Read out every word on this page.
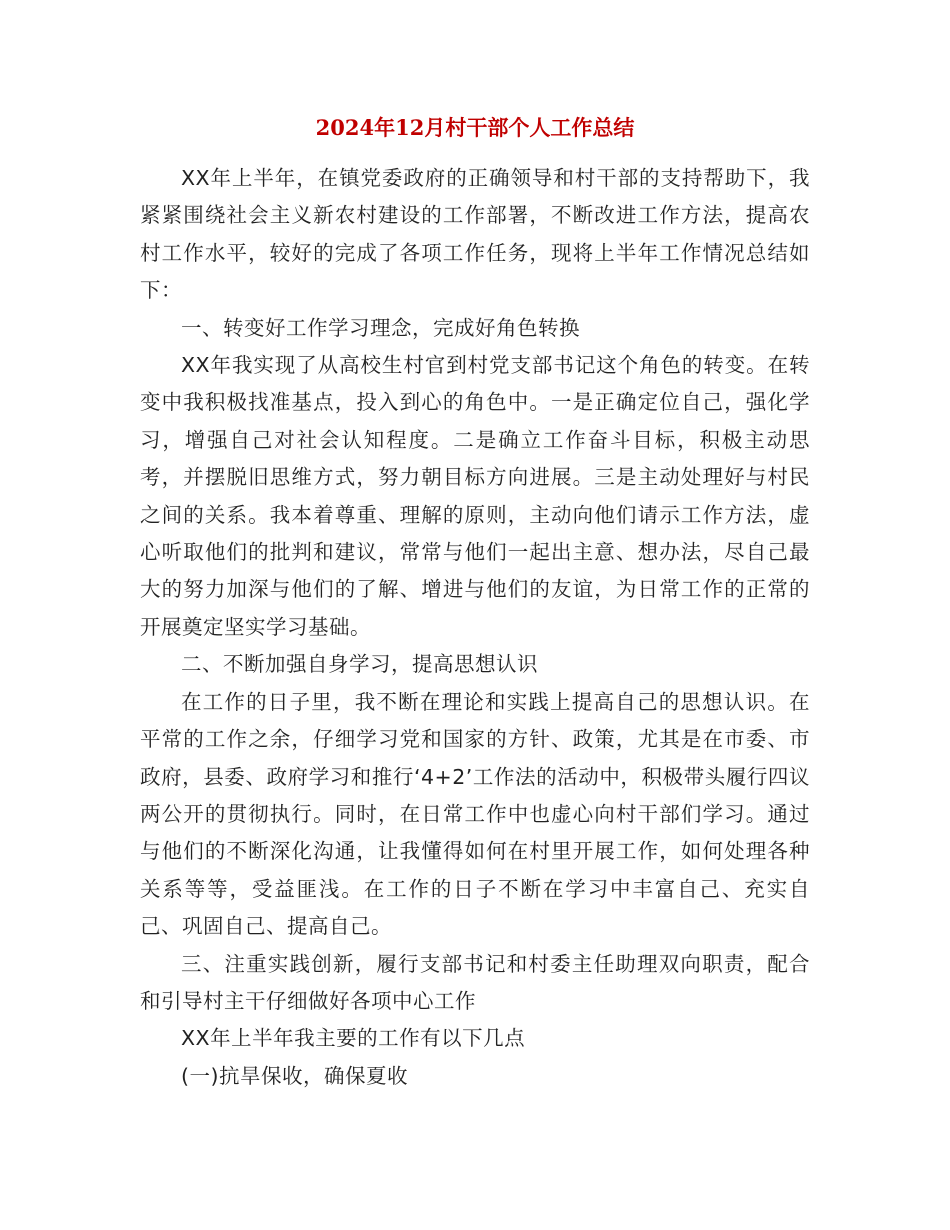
2024年12月村干部个人工作总结

XX年上半年，在镇党委政府的正确领导和村干部的支持帮助下，我紧紧围绕社会主义新农村建设的工作部署，不断改进工作方法，提高农村工作水平，较好的完成了各项工作任务，现将上半年工作情况总结如下：

一、转变好工作学习理念，完成好角色转换

XX年我实现了从高校生村官到村党支部书记这个角色的转变。在转变中我积极找准基点，投入到心的角色中。一是正确定位自己，强化学习，增强自己对社会认知程度。二是确立工作奋斗目标，积极主动思考，并摆脱旧思维方式，努力朝目标方向进展。三是主动处理好与村民之间的关系。我本着尊重、理解的原则，主动向他们请示工作方法，虚心听取他们的批判和建议，常常与他们一起出主意、想办法，尽自己最大的努力加深与他们的了解、增进与他们的友谊，为日常工作的正常的开展奠定坚实学习基础。

二、不断加强自身学习，提高思想认识

在工作的日子里，我不断在理论和实践上提高自己的思想认识。在平常的工作之余，仔细学习党和国家的方针、政策，尤其是在市委、市政府，县委、政府学习和推行‘4+2’工作法的活动中，积极带头履行四议两公开的贯彻执行。同时，在日常工作中也虚心向村干部们学习。通过与他们的不断深化沟通，让我懂得如何在村里开展工作，如何处理各种关系等等，受益匪浅。在工作的日子不断在学习中丰富自己、充实自己、巩固自己、提高自己。

三、注重实践创新，履行支部书记和村委主任助理双向职责，配合和引导村主干仔细做好各项中心工作

XX年上半年我主要的工作有以下几点

(一)抗旱保收，确保夏收
